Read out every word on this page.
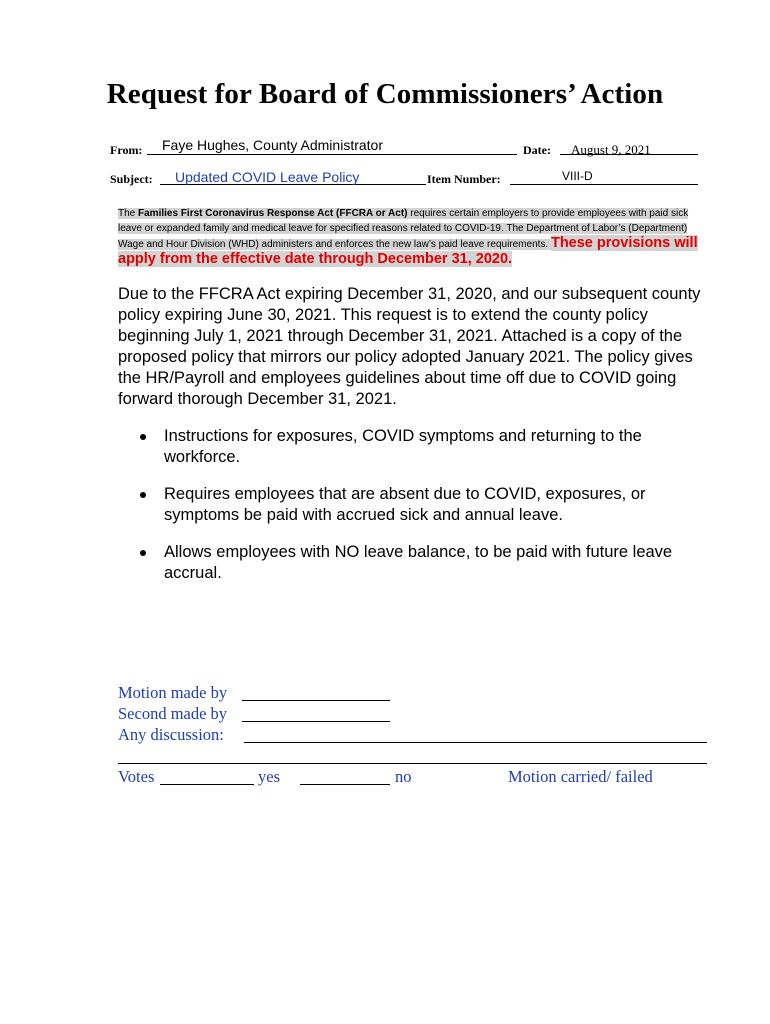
Request for Board of Commissioners’ Action
From: Faye Hughes, County Administrator	Date: August 9, 2021
Subject: Updated COVID Leave Policy	Item Number:	VIII-D
The Families First Coronavirus Response Act (FFCRA or Act) requires certain employers to provide employees with paid sick leave or expanded family and medical leave for specified reasons related to COVID-19. The Department of Labor’s (Department) Wage and Hour Division (WHD) administers and enforces the new law’s paid leave requirements. These provisions will apply from the effective date through December 31, 2020.
Due to the FFCRA Act expiring December 31, 2020, and our subsequent county policy expiring June 30, 2021. This request is to extend the county policy beginning July 1, 2021 through December 31, 2021. Attached is a copy of the proposed policy that mirrors our policy adopted January 2021. The policy gives the HR/Payroll and employees guidelines about time off due to COVID going forward thorough December 31, 2021.
Instructions for exposures, COVID symptoms and returning to the workforce.
Requires employees that are absent due to COVID, exposures, or symptoms be paid with accrued sick and annual leave.
Allows employees with NO leave balance, to be paid with future leave accrual.
Motion made by
Second made by
Any discussion:
Votes	yes	no	Motion carried/ failed
